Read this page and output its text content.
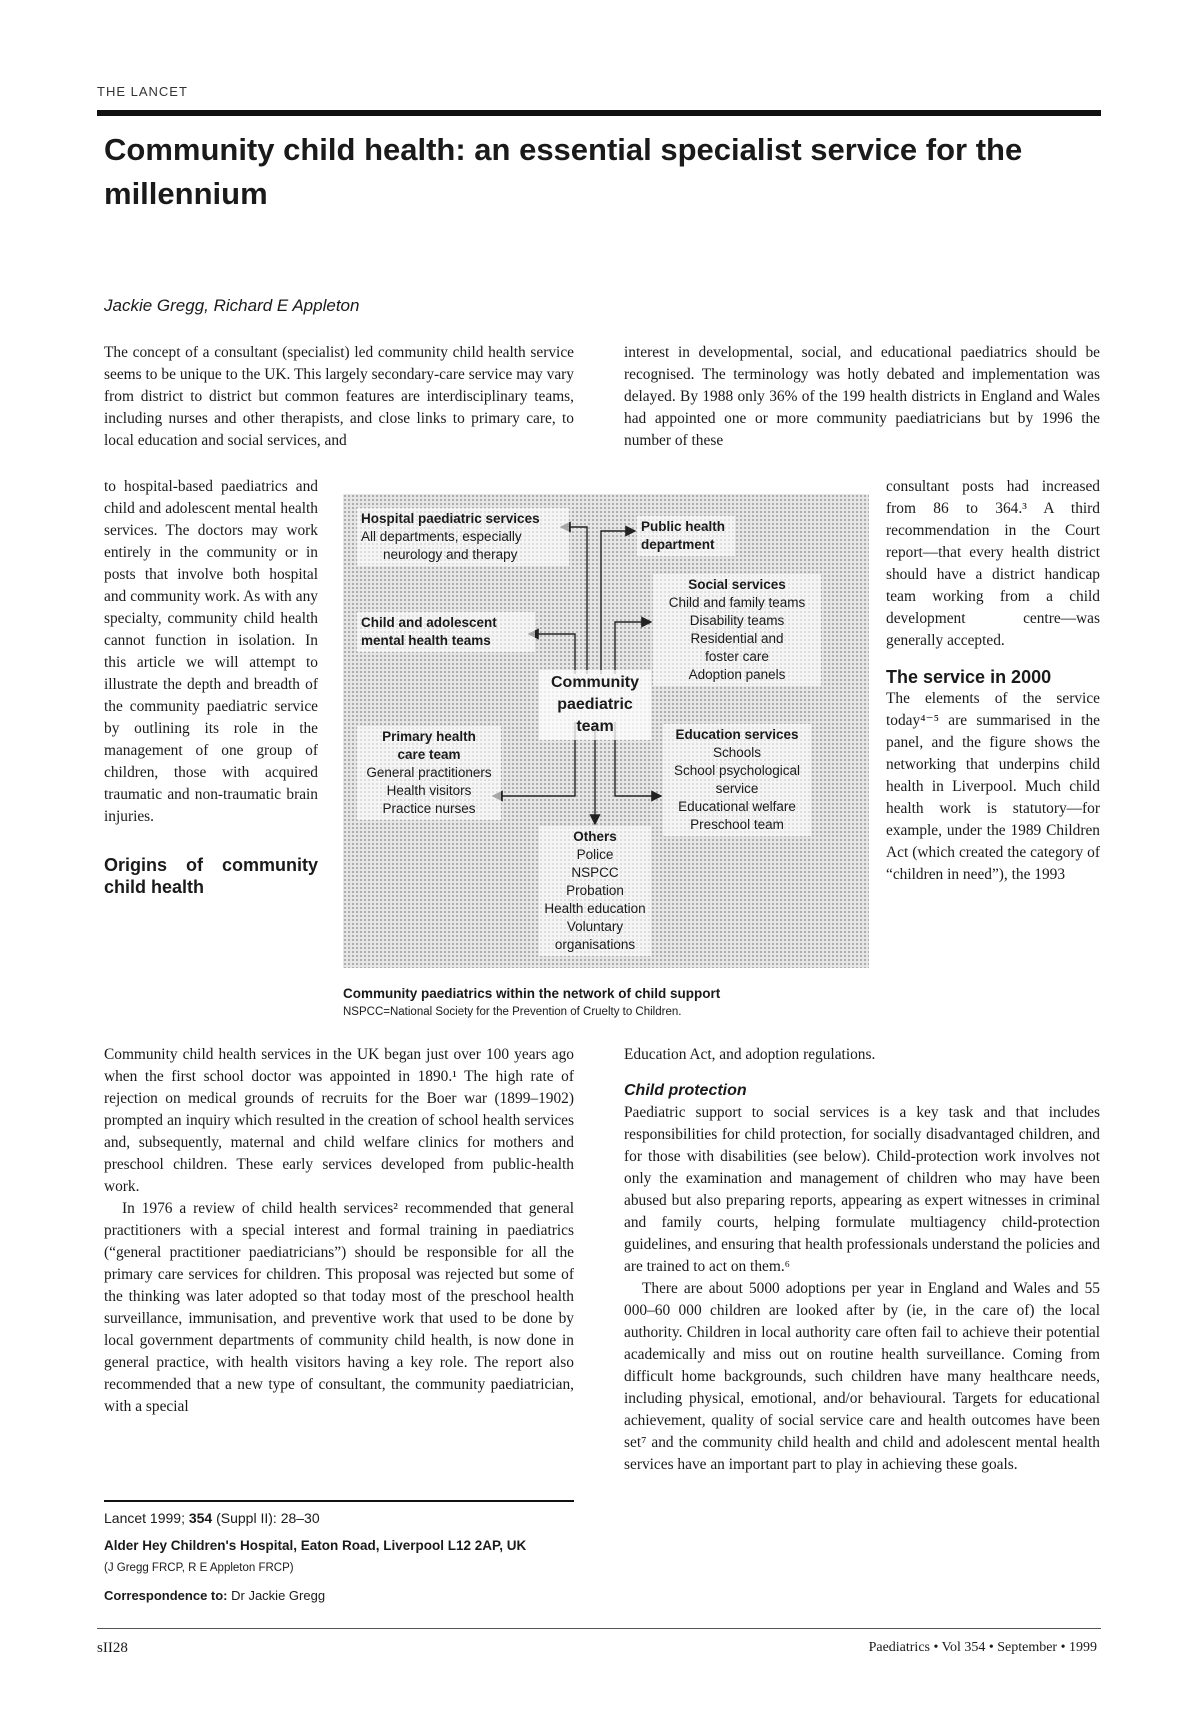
THE LANCET
Community child health: an essential specialist service for the millennium
Jackie Gregg, Richard E Appleton

The concept of a consultant (specialist) led community child health service seems to be unique to the UK. This largely secondary-care service may vary from district to district but common features are interdisciplinary teams, including nurses and other therapists, and close links to primary care, to local education and social services, and

to hospital-based paediatrics and child and adolescent mental health services. The doctors may work entirely in the community or in posts that involve both hospital and community work. As with any specialty, community child health cannot function in isolation. In this article we will attempt to illustrate the depth and breadth of the community paediatric service by outlining its role in the management of one group of children, those with acquired traumatic and non-traumatic brain injuries.

Origins of community child health

Community child health services in the UK began just over 100 years ago when the first school doctor was appointed in 1890.¹ The high rate of rejection on medical grounds of recruits for the Boer war (1899–1902) prompted an inquiry which resulted in the creation of school health services and, subsequently, maternal and child welfare clinics for mothers and preschool children. These early services developed from public-health work.

In 1976 a review of child health services² recommended that general practitioners with a special interest and formal training in paediatrics (“general practitioner paediatricians”) should be responsible for all the primary care services for children. This proposal was rejected but some of the thinking was later adopted so that today most of the preschool health surveillance, immunisation, and preventive work that used to be done by local government departments of community child health, is now done in general practice, with health visitors having a key role. The report also recommended that a new type of consultant, the community paediatrician, with a special

interest in developmental, social, and educational paediatrics should be recognised. The terminology was hotly debated and implementation was delayed. By 1988 only 36% of the 199 health districts in England and Wales had appointed one or more community paediatricians but by 1996 the number of these

consultant posts had increased from 86 to 364.³ A third recommendation in the Court report—that every health district should have a district handicap team working from a child development centre—was generally accepted.

The service in 2000

The elements of the service today⁴⁻⁵ are summarised in the panel, and the figure shows the networking that underpins child health in Liverpool. Much child health work is statutory—for example, under the 1989 Children Act (which created the category of “children in need”), the 1993

Education Act, and adoption regulations.

Child protection

Paediatric support to social services is a key task and that includes responsibilities for child protection, for socially disadvantaged children, and for those with disabilities (see below). Child-protection work involves not only the examination and management of children who may have been abused but also preparing reports, appearing as expert witnesses in criminal and family courts, helping formulate multiagency child-protection guidelines, and ensuring that health professionals understand the policies and are trained to act on them.⁶

There are about 5000 adoptions per year in England and Wales and 55 000–60 000 children are looked after by (ie, in the care of) the local authority. Children in local authority care often fail to achieve their potential academically and miss out on routine health surveillance. Coming from difficult home backgrounds, such children have many healthcare needs, including physical, emotional, and/or behavioural. Targets for educational achievement, quality of social service care and health outcomes have been set⁷ and the community child health and child and adolescent mental health services have an important part to play in achieving these goals.

Hospital paediatric services
All departments, especially
neurology and therapy
Public health
department
Child and adolescent
mental health teams
Social services
Child and family teams
Disability teams
Residential and
foster care
Adoption panels
Community
paediatric
team
Primary health
care team
General practitioners
Health visitors
Practice nurses
Education services
Schools
School psychological
service
Educational welfare
Preschool team
Others
Police
NSPCC
Probation
Health education
Voluntary
organisations
Community paediatrics within the network of child support
NSPCC=National Society for the Prevention of Cruelty to Children.
Lancet 1999; 354 (Suppl II): 28–30
Alder Hey Children's Hospital, Eaton Road, Liverpool L12 2AP, UK
(J Gregg FRCP, R E Appleton FRCP)
Correspondence to: Dr Jackie Gregg
sII28	Paediatrics • Vol 354 • September • 1999
